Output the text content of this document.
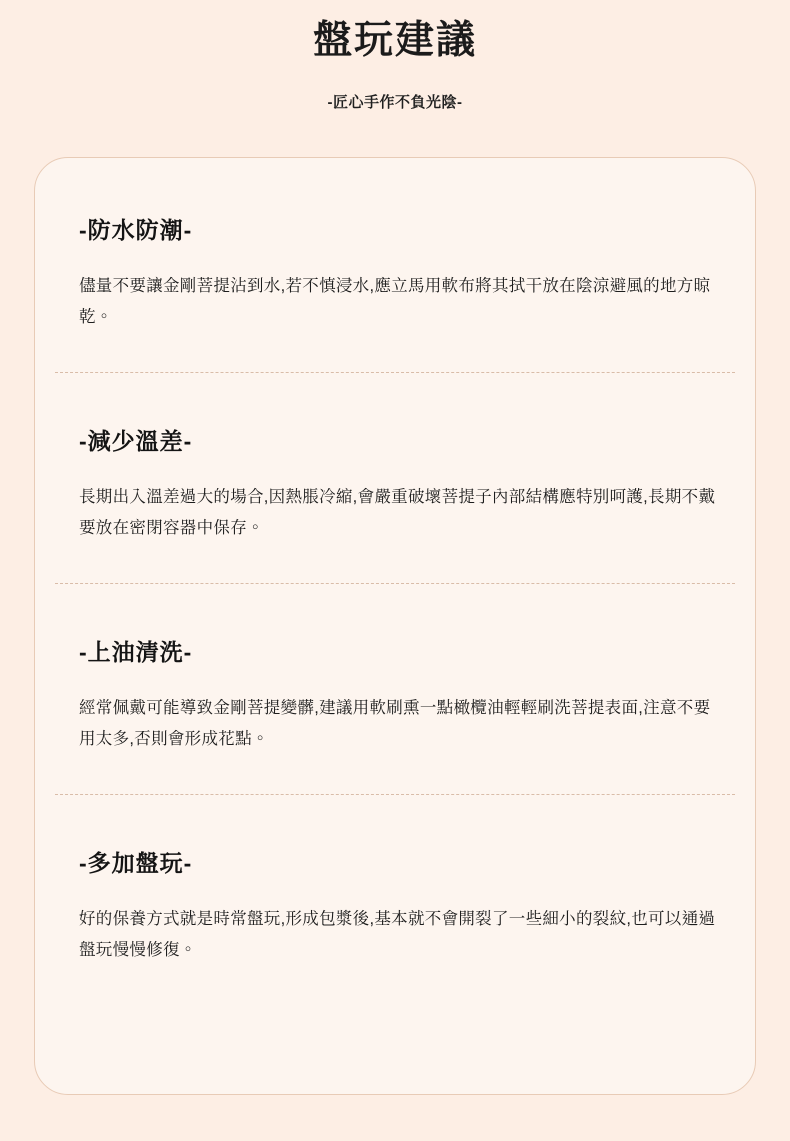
盤玩建議
-匠心手作不負光陰-
-防水防潮-
儘量不要讓金剛菩提沾到水,若不慎浸水,應立馬用軟布將其拭干放在陰涼避風的地方晾乾。
-減少溫差-
長期出入溫差過大的場合,因熱脹冷縮,會嚴重破壞菩提子內部結構應特別呵護,長期不戴要放在密閉容器中保存。
-上油清洗-
經常佩戴可能導致金剛菩提變髒,建議用軟刷熏一點橄欖油輕輕刷洗菩提表面,注意不要用太多,否則會形成花點。
-多加盤玩-
好的保養方式就是時常盤玩,形成包漿後,基本就不會開裂了一些細小的裂紋,也可以通過盤玩慢慢修復。
